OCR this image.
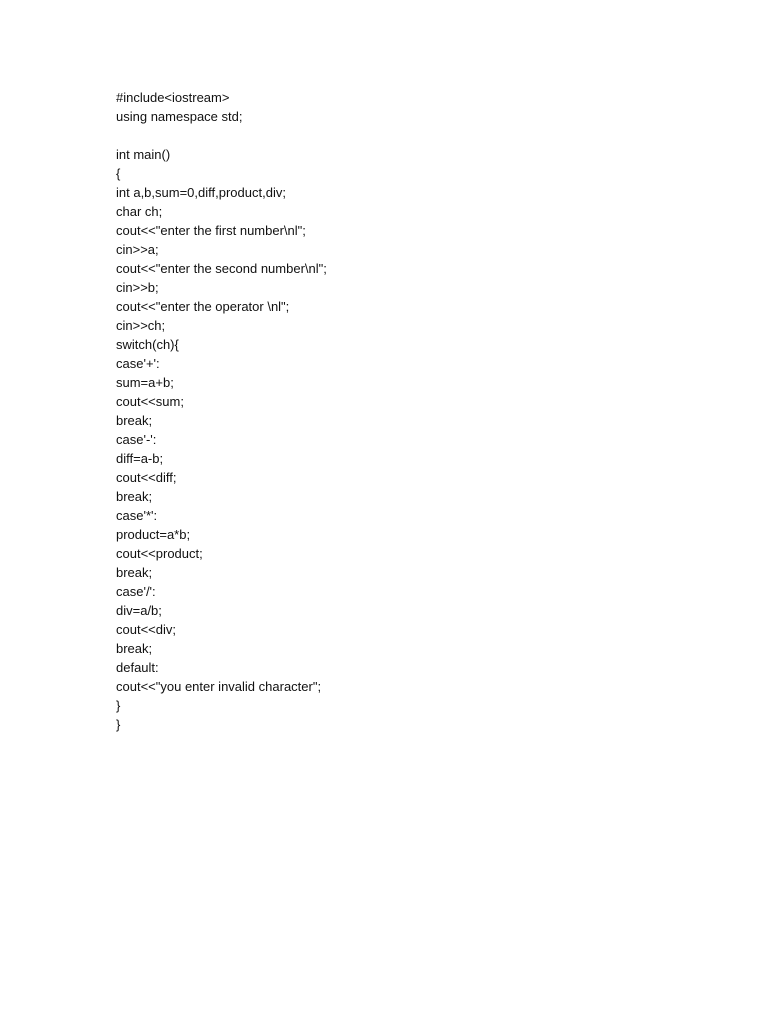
#include<iostream>
using namespace std;
int main()
{
int a,b,sum=0,diff,product,div;
char ch;
cout<<"enter the first number\nl";
cin>>a;
cout<<"enter the second number\nl";
cin>>b;
cout<<"enter the operator \nl";
cin>>ch;
switch(ch){
case'+':
sum=a+b;
cout<<sum;
break;
case'-':
diff=a-b;
cout<<diff;
break;
case'*':
product=a*b;
cout<<product;
break;
case'/':
div=a/b;
cout<<div;
break;
default:
cout<<"you enter invalid character";
}
}
